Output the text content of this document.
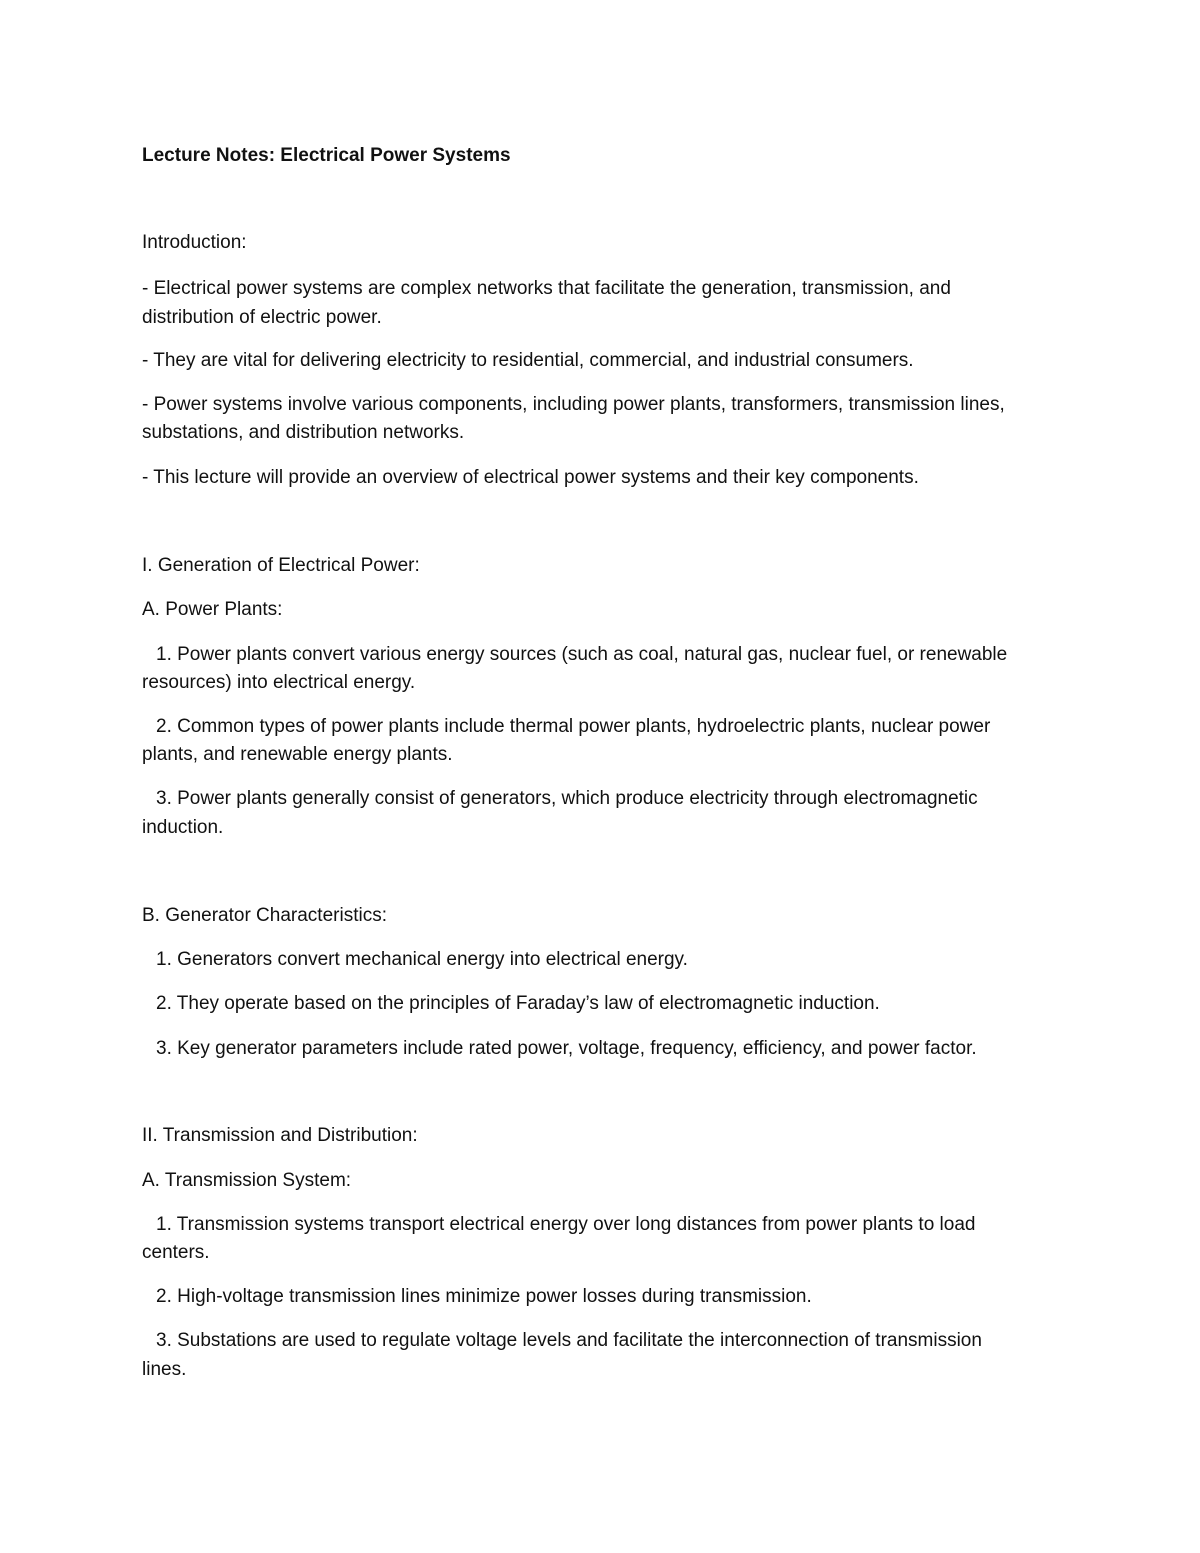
Lecture Notes: Electrical Power Systems
Introduction:
- Electrical power systems are complex networks that facilitate the generation, transmission, and
distribution of electric power.
- They are vital for delivering electricity to residential, commercial, and industrial consumers.
- Power systems involve various components, including power plants, transformers, transmission lines,
substations, and distribution networks.
- This lecture will provide an overview of electrical power systems and their key components.
I. Generation of Electrical Power:
A. Power Plants:
1. Power plants convert various energy sources (such as coal, natural gas, nuclear fuel, or renewable
resources) into electrical energy.
2. Common types of power plants include thermal power plants, hydroelectric plants, nuclear power
plants, and renewable energy plants.
3. Power plants generally consist of generators, which produce electricity through electromagnetic
induction.
B. Generator Characteristics:
1. Generators convert mechanical energy into electrical energy.
2. They operate based on the principles of Faraday’s law of electromagnetic induction.
3. Key generator parameters include rated power, voltage, frequency, efficiency, and power factor.
II. Transmission and Distribution:
A. Transmission System:
1. Transmission systems transport electrical energy over long distances from power plants to load
centers.
2. High-voltage transmission lines minimize power losses during transmission.
3. Substations are used to regulate voltage levels and facilitate the interconnection of transmission
lines.
